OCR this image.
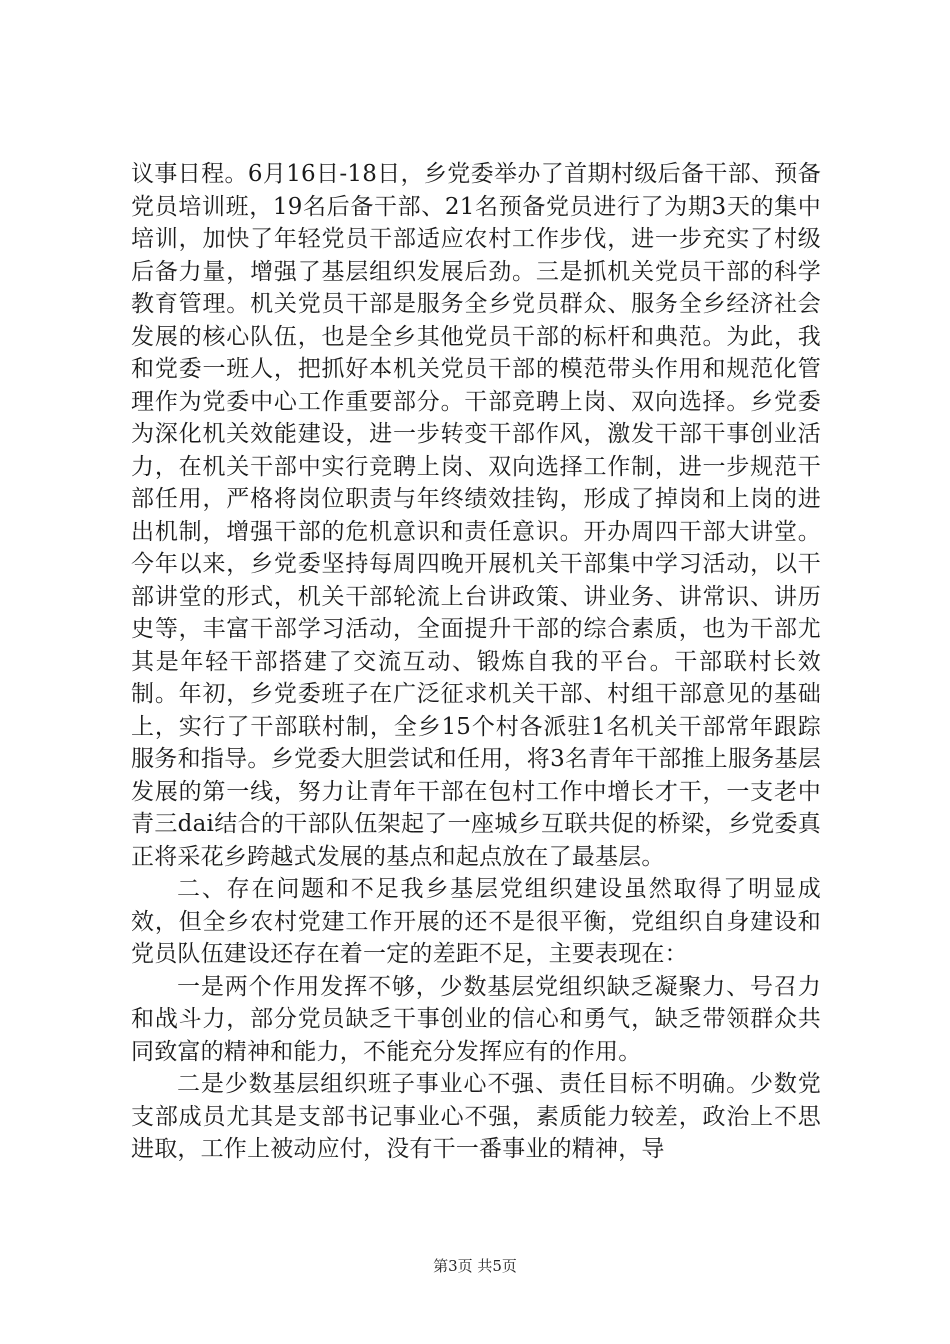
议事日程。6月16日-18日，乡党委举办了首期村级后备干部、预备党员培训班，19名后备干部、21名预备党员进行了为期3天的集中培训，加快了年轻党员干部适应农村工作步伐，进一步充实了村级后备力量，增强了基层组织发展后劲。三是抓机关党员干部的科学教育管理。机关党员干部是服务全乡党员群众、服务全乡经济社会发展的核心队伍，也是全乡其他党员干部的标杆和典范。为此，我和党委一班人，把抓好本机关党员干部的模范带头作用和规范化管理作为党委中心工作重要部分。干部竞聘上岗、双向选择。乡党委为深化机关效能建设，进一步转变干部作风，激发干部干事创业活力，在机关干部中实行竞聘上岗、双向选择工作制，进一步规范干部任用，严格将岗位职责与年终绩效挂钩，形成了掉岗和上岗的进出机制，增强干部的危机意识和责任意识。开办周四干部大讲堂。今年以来，乡党委坚持每周四晚开展机关干部集中学习活动，以干部讲堂的形式，机关干部轮流上台讲政策、讲业务、讲常识、讲历史等，丰富干部学习活动，全面提升干部的综合素质，也为干部尤其是年轻干部搭建了交流互动、锻炼自我的平台。干部联村长效制。年初，乡党委班子在广泛征求机关干部、村组干部意见的基础上，实行了干部联村制，全乡15个村各派驻1名机关干部常年跟踪服务和指导。乡党委大胆尝试和任用，将3名青年干部推上服务基层发展的第一线，努力让青年干部在包村工作中增长才干，一支老中青三dai结合的干部队伍架起了一座城乡互联共促的桥梁，乡党委真正将采花乡跨越式发展的基点和起点放在了最基层。

二、存在问题和不足我乡基层党组织建设虽然取得了明显成效，但全乡农村党建工作开展的还不是很平衡，党组织自身建设和党员队伍建设还存在着一定的差距不足，主要表现在：

一是两个作用发挥不够，少数基层党组织缺乏凝聚力、号召力和战斗力，部分党员缺乏干事创业的信心和勇气，缺乏带领群众共同致富的精神和能力，不能充分发挥应有的作用。

二是少数基层组织班子事业心不强、责任目标不明确。少数党支部成员尤其是支部书记事业心不强，素质能力较差，政治上不思进取，工作上被动应付，没有干一番事业的精神，导

第3页 共5页
